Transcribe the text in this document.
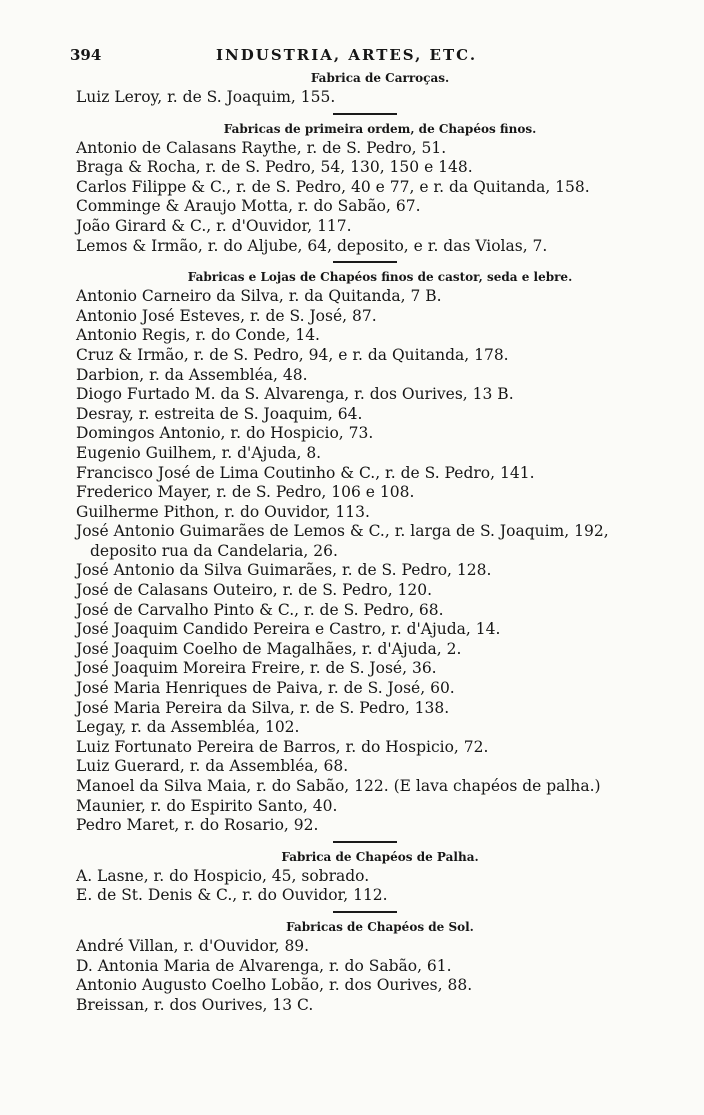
394	INDUSTRIA, ARTES, ETC.
Fabrica de Carroças.
Luiz Leroy, r. de S. Joaquim, 155.
Fabricas de primeira ordem, de Chapéos finos.
Antonio de Calasans Raythe, r. de S. Pedro, 51.
Braga & Rocha, r. de S. Pedro, 54, 130, 150 e 148.
Carlos Filippe & C., r. de S. Pedro, 40 e 77, e r. da Quitanda, 158.
Comminge & Araujo Motta, r. do Sabão, 67.
João Girard & C., r. d'Ouvidor, 117.
Lemos & Irmão, r. do Aljube, 64, deposito, e r. das Violas, 7.
Fabricas e Lojas de Chapéos finos de castor, seda e lebre.
Antonio Carneiro da Silva, r. da Quitanda, 7 B.
Antonio José Esteves, r. de S. José, 87.
Antonio Regis, r. do Conde, 14.
Cruz & Irmão, r. de S. Pedro, 94, e r. da Quitanda, 178.
Darbion, r. da Assembléa, 48.
Diogo Furtado M. da S. Alvarenga, r. dos Ourives, 13 B.
Desray, r. estreita de S. Joaquim, 64.
Domingos Antonio, r. do Hospicio, 73.
Eugenio Guilhem, r. d'Ajuda, 8.
Francisco José de Lima Coutinho & C., r. de S. Pedro, 141.
Frederico Mayer, r. de S. Pedro, 106 e 108.
Guilherme Pithon, r. do Ouvidor, 113.
José Antonio Guimarães de Lemos & C., r. larga de S. Joaquim, 192,
deposito rua da Candelaria, 26.
José Antonio da Silva Guimarães, r. de S. Pedro, 128.
José de Calasans Outeiro, r. de S. Pedro, 120.
José de Carvalho Pinto & C., r. de S. Pedro, 68.
José Joaquim Candido Pereira e Castro, r. d'Ajuda, 14.
José Joaquim Coelho de Magalhães, r. d'Ajuda, 2.
José Joaquim Moreira Freire, r. de S. José, 36.
José Maria Henriques de Paiva, r. de S. José, 60.
José Maria Pereira da Silva, r. de S. Pedro, 138.
Legay, r. da Assembléa, 102.
Luiz Fortunato Pereira de Barros, r. do Hospicio, 72.
Luiz Guerard, r. da Assembléa, 68.
Manoel da Silva Maia, r. do Sabão, 122. (E lava chapéos de palha.)
Maunier, r. do Espirito Santo, 40.
Pedro Maret, r. do Rosario, 92.
Fabrica de Chapéos de Palha.
A. Lasne, r. do Hospicio, 45, sobrado.
E. de St. Denis & C., r. do Ouvidor, 112.
Fabricas de Chapéos de Sol.
André Villan, r. d'Ouvidor, 89.
D. Antonia Maria de Alvarenga, r. do Sabão, 61.
Antonio Augusto Coelho Lobão, r. dos Ourives, 88.
Breissan, r. dos Ourives, 13 C.
